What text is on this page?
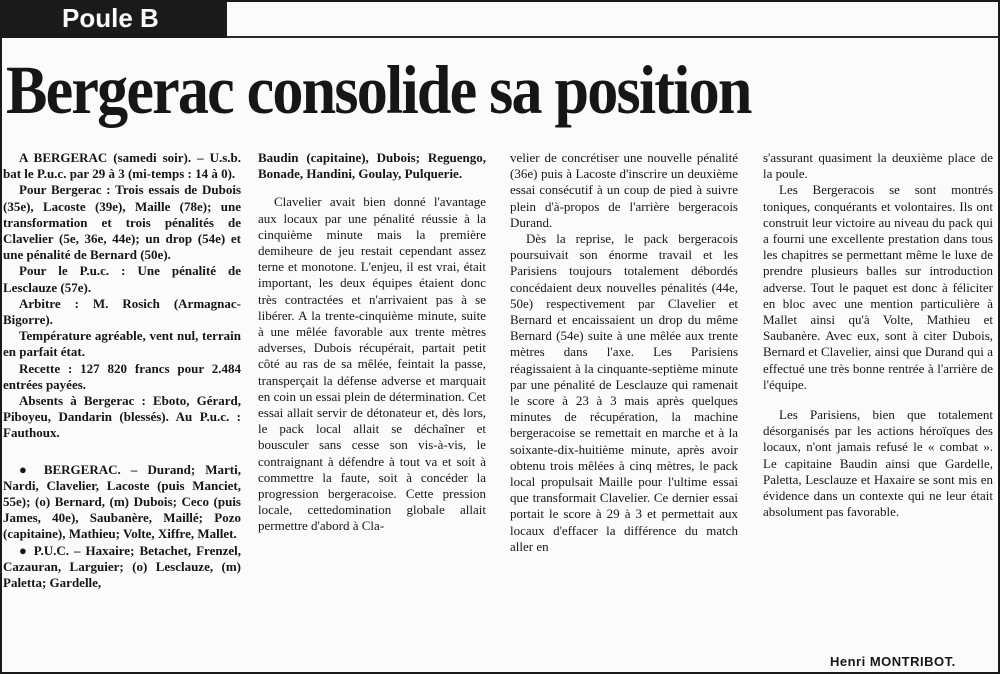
Poule B
Bergerac consolide sa position

A BERGERAC (samedi soir). – U.s.b. bat le P.u.c. par 29 à 3 (mi-temps : 14 à 0).

Pour Bergerac : Trois essais de Dubois (35e), Lacoste (39e), Maille (78e); une transformation et trois pénalités de Clavelier (5e, 36e, 44e); un drop (54e) et une pénalité de Bernard (50e).

Pour le P.u.c. : Une pénalité de Lesclauze (57e).

Arbitre : M. Rosich (Armagnac-Bigorre).

Température agréable, vent nul, terrain en parfait état.

Recette : 127 820 francs pour 2.484 entrées payées.

Absents à Bergerac : Eboto, Gérard, Piboyeu, Dandarin (blessés). Au P.u.c. : Fauthoux.

● BERGERAC. – Durand; Marti, Nardi, Clavelier, Lacoste (puis Manciet, 55e); (o) Bernard, (m) Dubois; Ceco (puis James, 40e), Saubanère, Maillé; Pozo (capitaine), Mathieu; Volte, Xiffre, Mallet.

● P.U.C. – Haxaire; Betachet, Frenzel, Cazauran, Larguier; (o) Lesclauze, (m) Paletta; Gardelle,

Baudin (capitaine), Dubois; Reguengo, Bonade, Handini, Goulay, Pulquerie.

Clavelier avait bien donné l'avantage aux locaux par une pénalité réussie à la cinquième minute mais la première demiheure de jeu restait cependant assez terne et monotone. L'enjeu, il est vrai, était important, les deux équipes étaient donc très contractées et n'arrivaient pas à se libérer. A la trente-cinquième minute, suite à une mêlée favorable aux trente mètres adverses, Dubois récupérait, partait petit côté au ras de sa mêlée, feintait la passe, transperçait la défense adverse et marquait en coin un essai plein de détermination. Cet essai allait servir de détonateur et, dès lors, le pack local allait se déchaîner et bousculer sans cesse son vis-à-vis, le contraignant à défendre à tout va et soit à commettre la faute, soit à concéder la progression bergeracoise. Cette pression locale, cettedomination globale allait permettre d'abord à Cla-

velier de concrétiser une nouvelle pénalité (36e) puis à Lacoste d'inscrire un deuxième essai consécutif à un coup de pied à suivre plein d'à-propos de l'arrière bergeracois Durand.

Dès la reprise, le pack bergeracois poursuivait son énorme travail et les Parisiens toujours totalement débordés concédaient deux nouvelles pénalités (44e, 50e) respectivement par Clavelier et Bernard et encaissaient un drop du même Bernard (54e) suite à une mêlée aux trente mètres dans l'axe. Les Parisiens réagissaient à la cinquante-septième minute par une pénalité de Lesclauze qui ramenait le score à 23 à 3 mais après quelques minutes de récupération, la machine bergeracoise se remettait en marche et à la soixante-dix-huitième minute, après avoir obtenu trois mêlées à cinq mètres, le pack local propulsait Maille pour l'ultime essai que transformait Clavelier. Ce dernier essai portait le score à 29 à 3 et permettait aux locaux d'effacer la différence du match aller en

s'assurant quasiment la deuxième place de la poule.

Les Bergeracois se sont montrés toniques, conquérants et volontaires. Ils ont construit leur victoire au niveau du pack qui a fourni une excellente prestation dans tous les chapitres se permettant même le luxe de prendre plusieurs balles sur introduction adverse. Tout le paquet est donc à féliciter en bloc avec une mention particulière à Mallet ainsi qu'à Volte, Mathieu et Saubanère. Avec eux, sont à citer Dubois, Bernard et Clavelier, ainsi que Durand qui a effectué une très bonne rentrée à l'arrière de l'équipe.

Les Parisiens, bien que totalement désorganisés par les actions héroïques des locaux, n'ont jamais refusé le « combat ». Le capitaine Baudin ainsi que Gardelle, Paletta, Lesclauze et Haxaire se sont mis en évidence dans un contexte qui ne leur était absolument pas favorable.

Henri MONTRIBOT.
